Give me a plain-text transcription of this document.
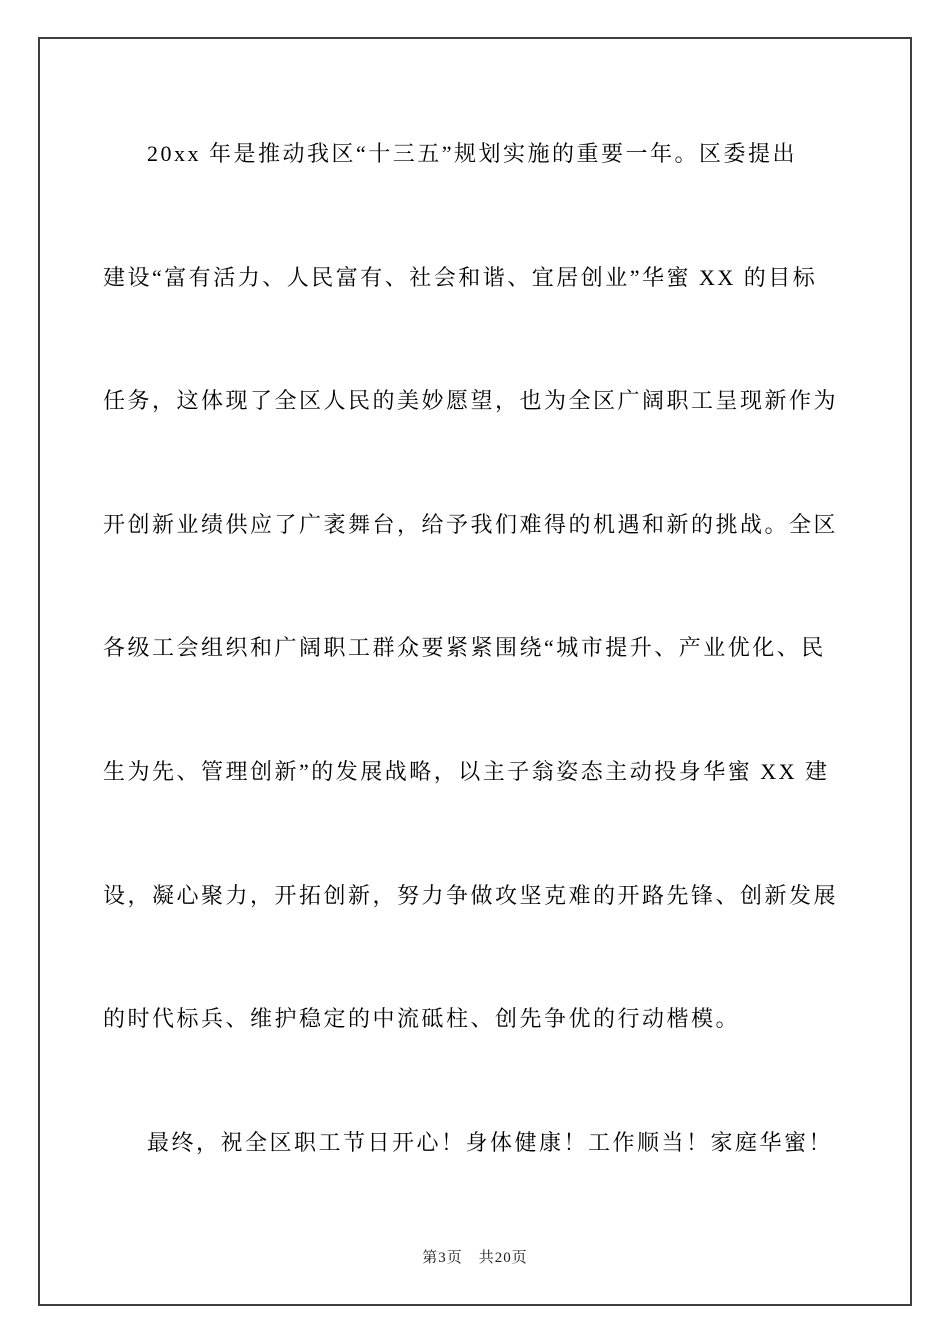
20xx 年是推动我区“十三五”规划实施的重要一年。区委提出
建设“富有活力、人民富有、社会和谐、宜居创业”华蜜 XX 的目标
任务，这体现了全区人民的美妙愿望，也为全区广阔职工呈现新作为
开创新业绩供应了广袤舞台，给予我们难得的机遇和新的挑战。全区
各级工会组织和广阔职工群众要紧紧围绕“城市提升、产业优化、民
生为先、管理创新”的发展战略，以主子翁姿态主动投身华蜜 XX 建
设，凝心聚力，开拓创新，努力争做攻坚克难的开路先锋、创新发展
的时代标兵、维护稳定的中流砥柱、创先争优的行动楷模。
最终，祝全区职工节日开心！身体健康！工作顺当！家庭华蜜！
第3页 共20页
